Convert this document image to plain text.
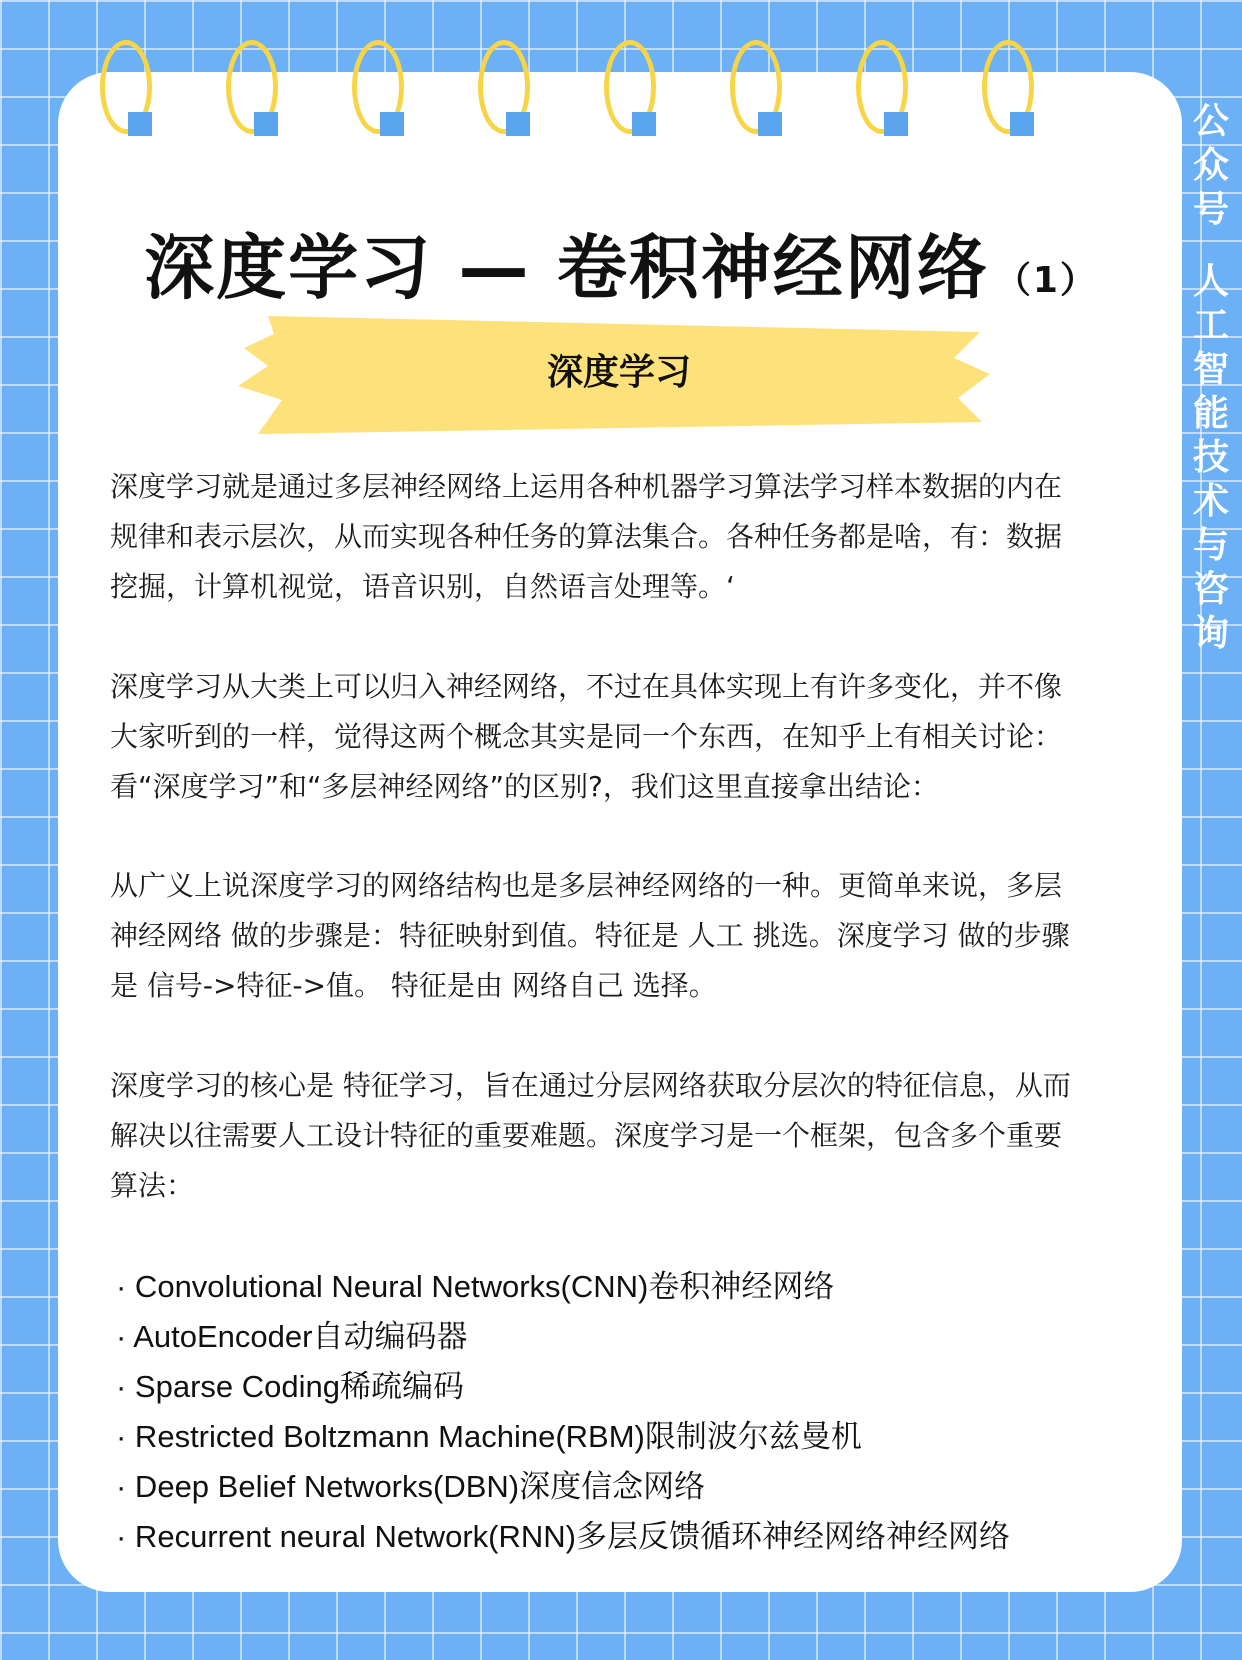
深度学习 — 卷积神经网络 （1）
深度学习
深度学习就是通过多层神经网络上运用各种机器学习算法学习样本数据的内在
规律和表示层次，从而实现各种任务的算法集合。各种任务都是啥，有：数据
挖掘，计算机视觉，语音识别，自然语言处理等。‘
深度学习从大类上可以归入神经网络，不过在具体实现上有许多变化，并不像
大家听到的一样，觉得这两个概念其实是同一个东西，在知乎上有相关讨论：
看“深度学习”和“多层神经网络”的区别?，我们这里直接拿出结论：
从广义上说深度学习的网络结构也是多层神经网络的一种。更简单来说，多层
神经网络 做的步骤是：特征映射到值。特征是 人工 挑选。深度学习 做的步骤
是 信号->特征->值。 特征是由 网络自己 选择。
深度学习的核心是 特征学习，旨在通过分层网络获取分层次的特征信息，从而
解决以往需要人工设计特征的重要难题。深度学习是一个框架，包含多个重要
算法：
· Convolutional Neural Networks(CNN)卷积神经网络
· AutoEncoder自动编码器
· Sparse Coding稀疏编码
· Restricted Boltzmann Machine(RBM)限制波尔兹曼机
· Deep Belief Networks(DBN)深度信念网络
· Recurrent neural Network(RNN)多层反馈循环神经网络神经网络
公
众
号
人
工
智
能
技
术
与
咨
询
